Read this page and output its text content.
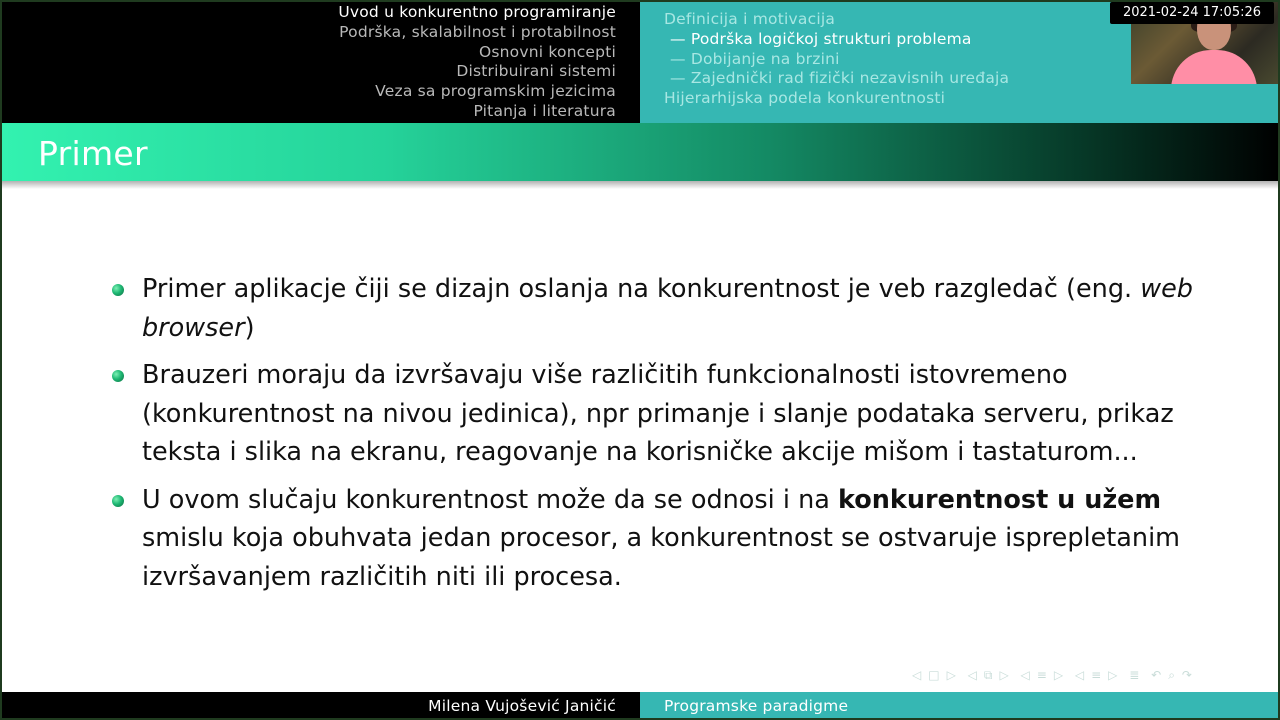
Uvod u konkurentno programiranje
Podrška, skalabilnost i protabilnost
Osnovni koncepti
Distribuirani sistemi
Veza sa programskim jezicima
Pitanja i literatura
Definicija i motivacija
— Podrška logičkoj strukturi problema
— Dobijanje na brzini
— Zajednički rad fizički nezavisnih uređaja
Hijerarhijska podela konkurentnosti
Primer
Primer aplikacje čiji se dizajn oslanja na konkurentnost je veb razgledač (eng. web browser)
Brauzeri moraju da izvršavaju više različitih funkcionalnosti istovremeno (konkurentnost na nivou jedinica), npr primanje i slanje podataka serveru, prikaz teksta i slika na ekranu, reagovanje na korisničke akcije mišom i tastaturom...
U ovom slučaju konkurentnost može da se odnosi i na konkurentnost u užem smislu koja obuhvata jedan procesor, a konkurentnost se ostvaruje isprepletanim izvršavanjem različitih niti ili procesa.
◁ □ ▷ ◁ ⧉ ▷ ◁ ≡ ▷ ◁ ≡ ▷ ≣ ↶ ⌕ ↷
Milena Vujošević Janičić	Programske paradigme
2021-02-24 17:05:26
